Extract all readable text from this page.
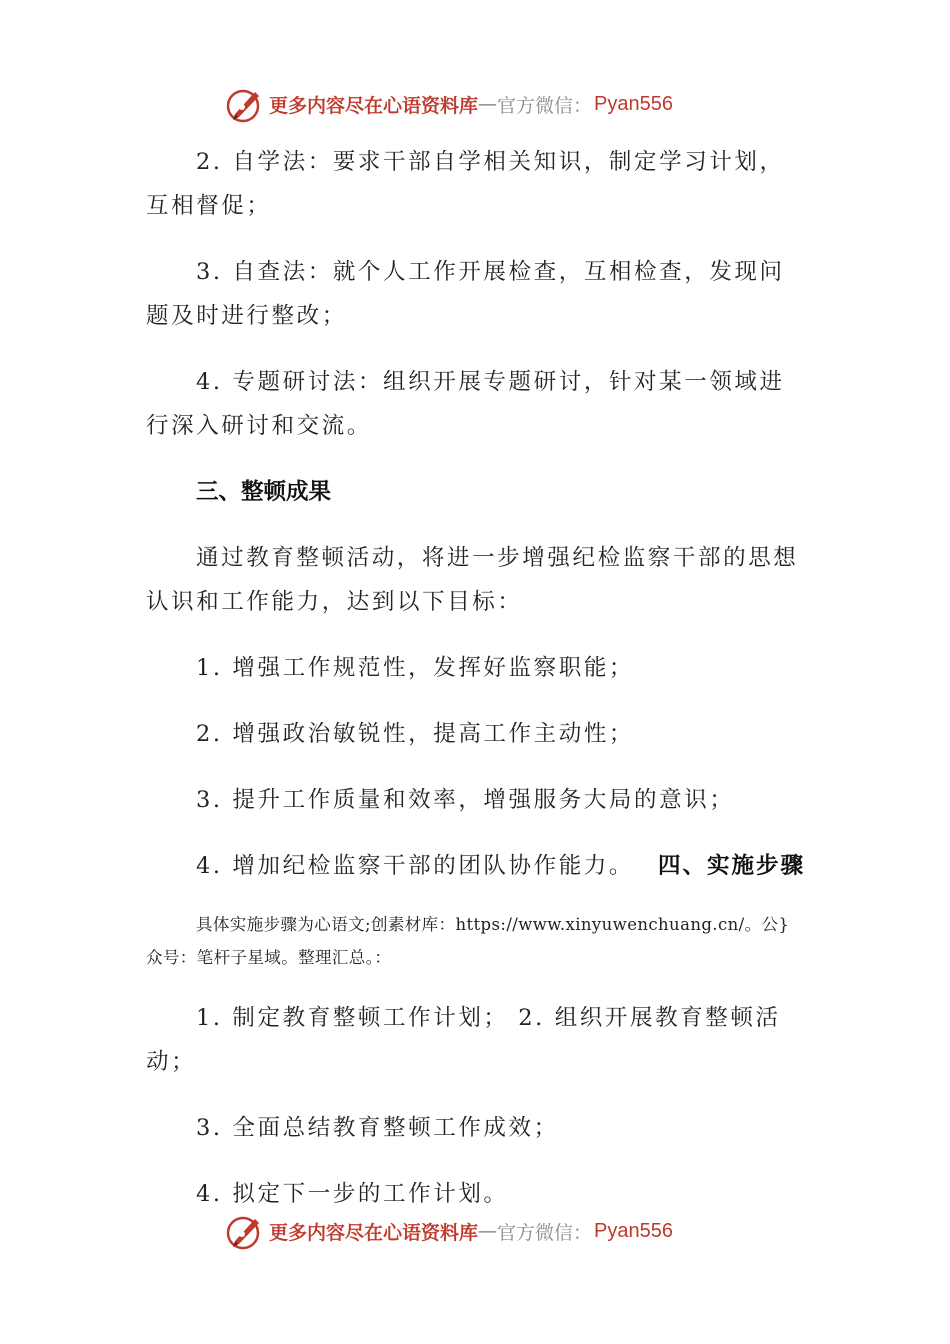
更多内容尽在心语资料库 — 官方微信： Pyan556

2. 自学法：要求干部自学相关知识，制定学习计划，互相督促；

3. 自查法：就个人工作开展检查，互相检查，发现问题及时进行整改；

4. 专题研讨法：组织开展专题研讨，针对某一领域进行深入研讨和交流。

三、整顿成果

通过教育整顿活动，将进一步增强纪检监察干部的思想认识和工作能力，达到以下目标：

1. 增强工作规范性，发挥好监察职能；

2. 增强政治敏锐性，提高工作主动性；

3. 提升工作质量和效率，增强服务大局的意识；

4. 增加纪检监察干部的团队协作能力。 四、实施步骤

具体实施步骤为心语文;创素材库：https://www.xinyuwenchuang.cn/。公}众号：笔杆子星域。整理汇总。：

1. 制定教育整顿工作计划； 2. 组织开展教育整顿活动；

3. 全面总结教育整顿工作成效；

4. 拟定下一步的工作计划。

更多内容尽在心语资料库 — 官方微信： Pyan556
